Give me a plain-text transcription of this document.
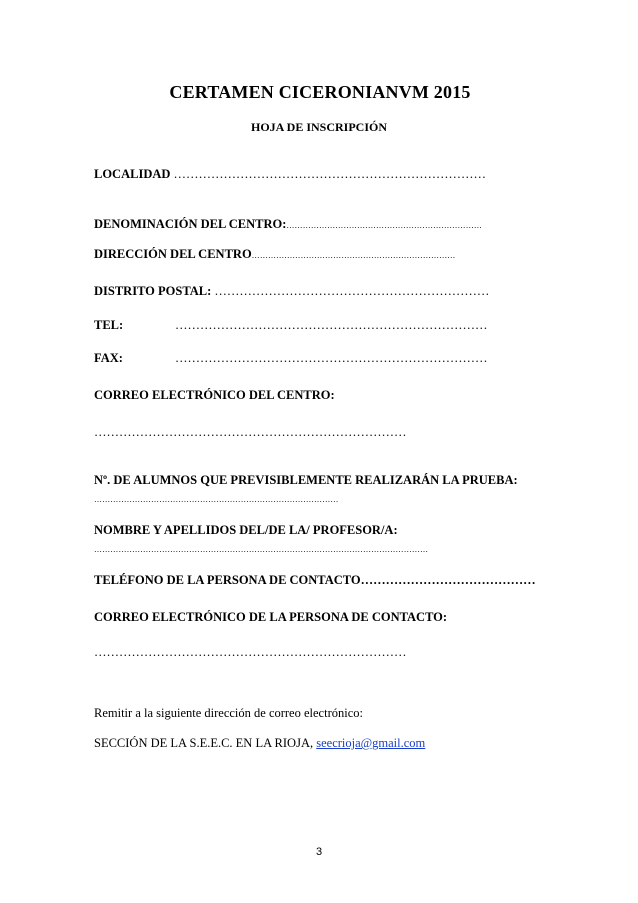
CERTAMEN CICERONIANVM 2015
HOJA DE INSCRIPCIÓN
LOCALIDAD …………………………………………………………………
DENOMINACIÓN DEL CENTRO:………………………………………………………………
DIRECCIÓN DEL CENTRO…………………………………………………………………
DISTRITO POSTAL: …………………………………………………………
TEL:	…………………………………………………………………
FAX:	…………………………………………………………………
CORREO ELECTRÓNICO DEL CENTRO:
…………………………………………………………………
Nº. DE ALUMNOS QUE PREVISIBLEMENTE REALIZARÁN LA PRUEBA:
………………………………………………………………………………
NOMBRE Y APELLIDOS DEL/DE LA/ PROFESOR/A:
……………………………………………………………………………………………………………
TELÉFONO DE LA PERSONA DE CONTACTO……………………………………
CORREO ELECTRÓNICO DE LA PERSONA DE CONTACTO:
…………………………………………………………………
Remitir a la siguiente dirección de correo electrónico:
SECCIÓN DE LA S.E.E.C. EN LA RIOJA, seecrioja@gmail.com
3
